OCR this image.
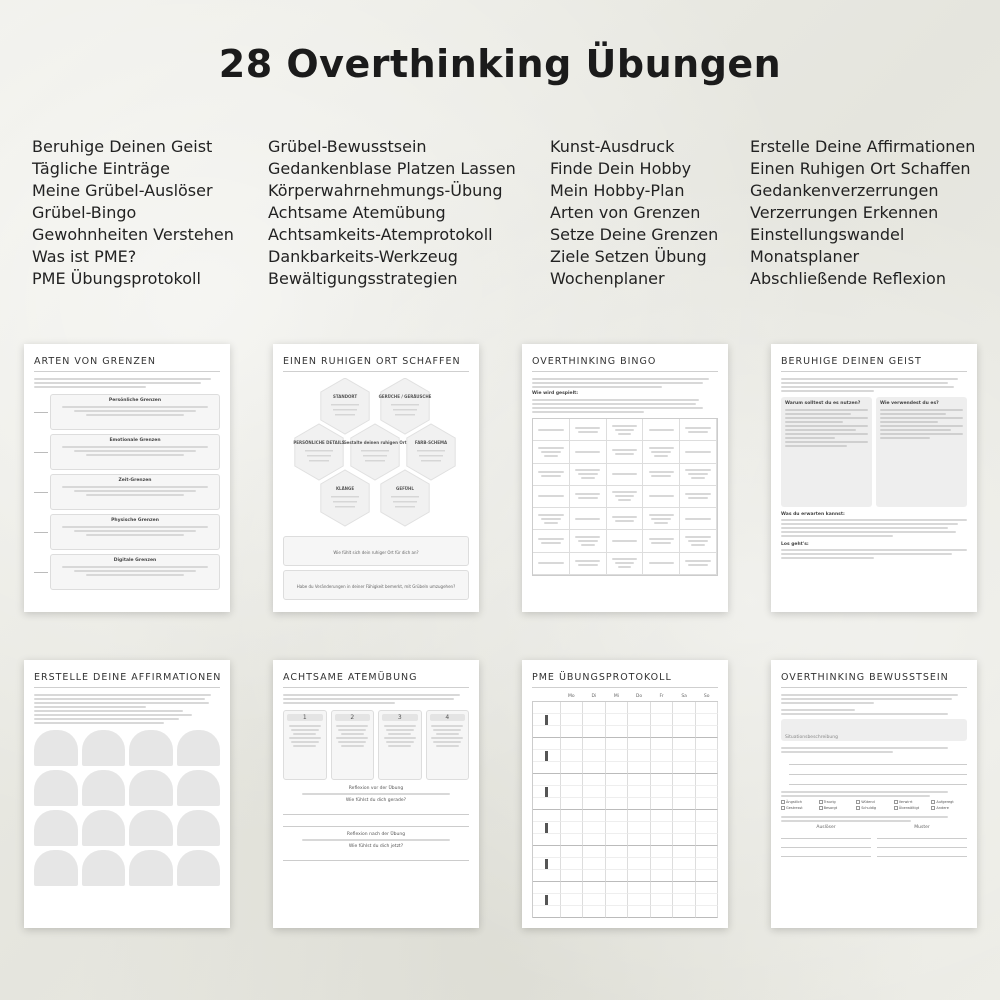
28 Overthinking Übungen
Beruhige Deinen Geist
Tägliche Einträge
Meine Grübel-Auslöser
Grübel-Bingo
Gewohnheiten Verstehen
Was ist PME?
PME Übungsprotokoll
Grübel-Bewusstsein
Gedankenblase Platzen Lassen
Körperwahrnehmungs-Übung
Achtsame Atemübung
Achtsamkeits-Atemprotokoll
Dankbarkeits-Werkzeug
Bewältigungsstrategien
Kunst-Ausdruck
Finde Dein Hobby
Mein Hobby-Plan
Arten von Grenzen
Setze Deine Grenzen
Ziele Setzen Übung
Wochenplaner
Erstelle Deine Affirmationen
Einen Ruhigen Ort Schaffen
Gedankenverzerrungen
Verzerrungen Erkennen
Einstellungswandel
Monatsplaner
Abschließende Reflexion
ARTEN VON GRENZEN
Persönliche Grenzen
Emotionale Grenzen
Zeit-Grenzen
Physische Grenzen
Digitale Grenzen
EINEN RUHIGEN ORT SCHAFFEN
STANDORT	GERÜCHE / GERÄUSCHE
PERSÖNLICHE DETAILS
Gestalte deinen ruhigen Ort FARB-SCHEMA
KLÄNGE	GEFÜHL
Wie fühlt sich dein ruhiger Ort für dich an?
Habe du Veränderungen in deiner Fähigkeit bemerkt, mit Grübeln umzugehen?
OVERTHINKING BINGO
Wie wird gespielt:
BERUHIGE DEINEN GEIST
Warum solltest du es nutzen?	Wie verwendest du es?
Was du erwarten kannst:
Los geht's:
ERSTELLE DEINE AFFIRMATIONEN	ACHTSAME ATEMÜBUNG
1	2	3	4
Reflexion vor der Übung
Wie fühlst du dich gerade?
Reflexion nach der Übung
Wie fühlst du dich jetzt?
PME ÜBUNGSPROTOKOLL
Mo	Di	Mi	Do	Fr	Sa	So
OVERTHINKING BEWUSSTSEIN
Situationsbeschreibung
Ängstlich	Traurig	Wütend	Verwirrt	Aufgeregt
Gestresst	Besorgt	Schuldig	Überwältigt	Andere
Auslöser	Muster
